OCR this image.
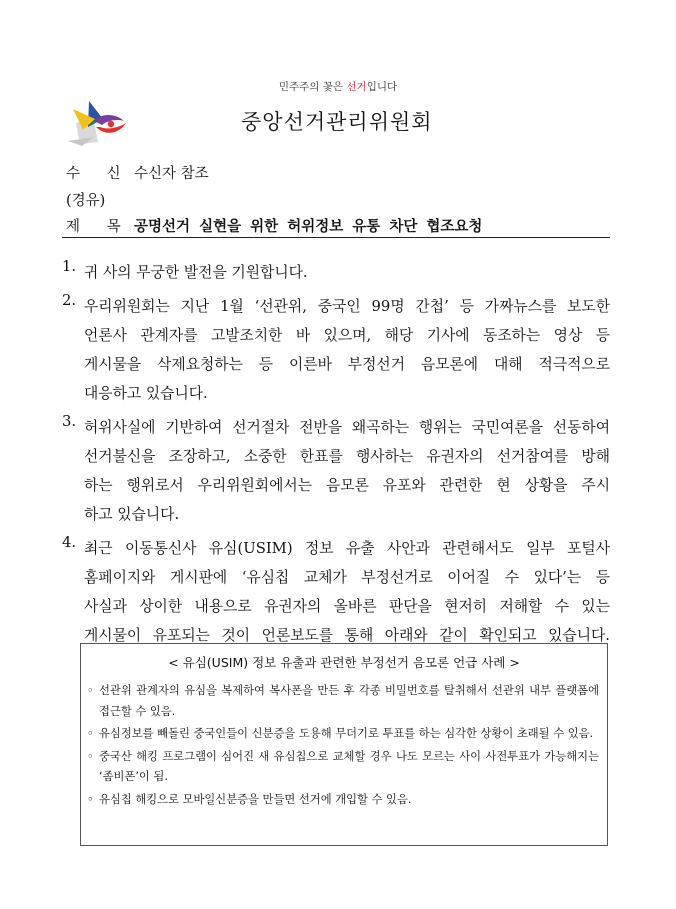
민주주의 꽃은 선거입니다
중앙선거관리위원회
수 신 수신자 참조
(경유)
제 목 공명선거 실현을 위한 허위정보 유통 차단 협조요청
1. 귀 사의 무궁한 발전을 기원합니다.
2. 우리위원회는 지난 1월 ‘선관위, 중국인 99명 간첩’ 등 가짜뉴스를 보도한
언론사 관계자를 고발조치한 바 있으며, 해당 기사에 동조하는 영상 등
게시물을 삭제요청하는 등 이른바 부정선거 음모론에 대해 적극적으로
대응하고 있습니다.
3. 허위사실에 기반하여 선거절차 전반을 왜곡하는 행위는 국민여론을 선동하여
선거불신을 조장하고, 소중한 한표를 행사하는 유권자의 선거참여를 방해
하는 행위로서 우리위원회에서는 음모론 유포와 관련한 현 상황을 주시
하고 있습니다.
4. 최근 이동통신사 유심(USIM) 정보 유출 사안과 관련해서도 일부 포털사
홈페이지와 게시판에 ‘유심칩 교체가 부정선거로 이어질 수 있다’는 등
사실과 상이한 내용으로 유권자의 올바른 판단을 현저히 저해할 수 있는
게시물이 유포되는 것이 언론보도를 통해 아래와 같이 확인되고 있습니다.
< 유심(USIM) 정보 유출과 관련한 부정선거 음모론 언급 사례 >
◦ 선관위 관계자의 유심을 복제하여 복사폰을 만든 후 각종 비밀번호를 탈취해서 선관위 내부 플랫폼에 접근할 수 있음.
◦ 유심정보를 빼돌린 중국인들이 신분증을 도용해 무더기로 투표를 하는 심각한 상황이 초래될 수 있음.
◦ 중국산 해킹 프로그램이 심어진 새 유심칩으로 교체할 경우 나도 모르는 사이 사전투표가 가능해지는 ‘좀비폰’이 됨.
◦ 유심칩 해킹으로 모바일신분증을 만들면 선거에 개입할 수 있음.
